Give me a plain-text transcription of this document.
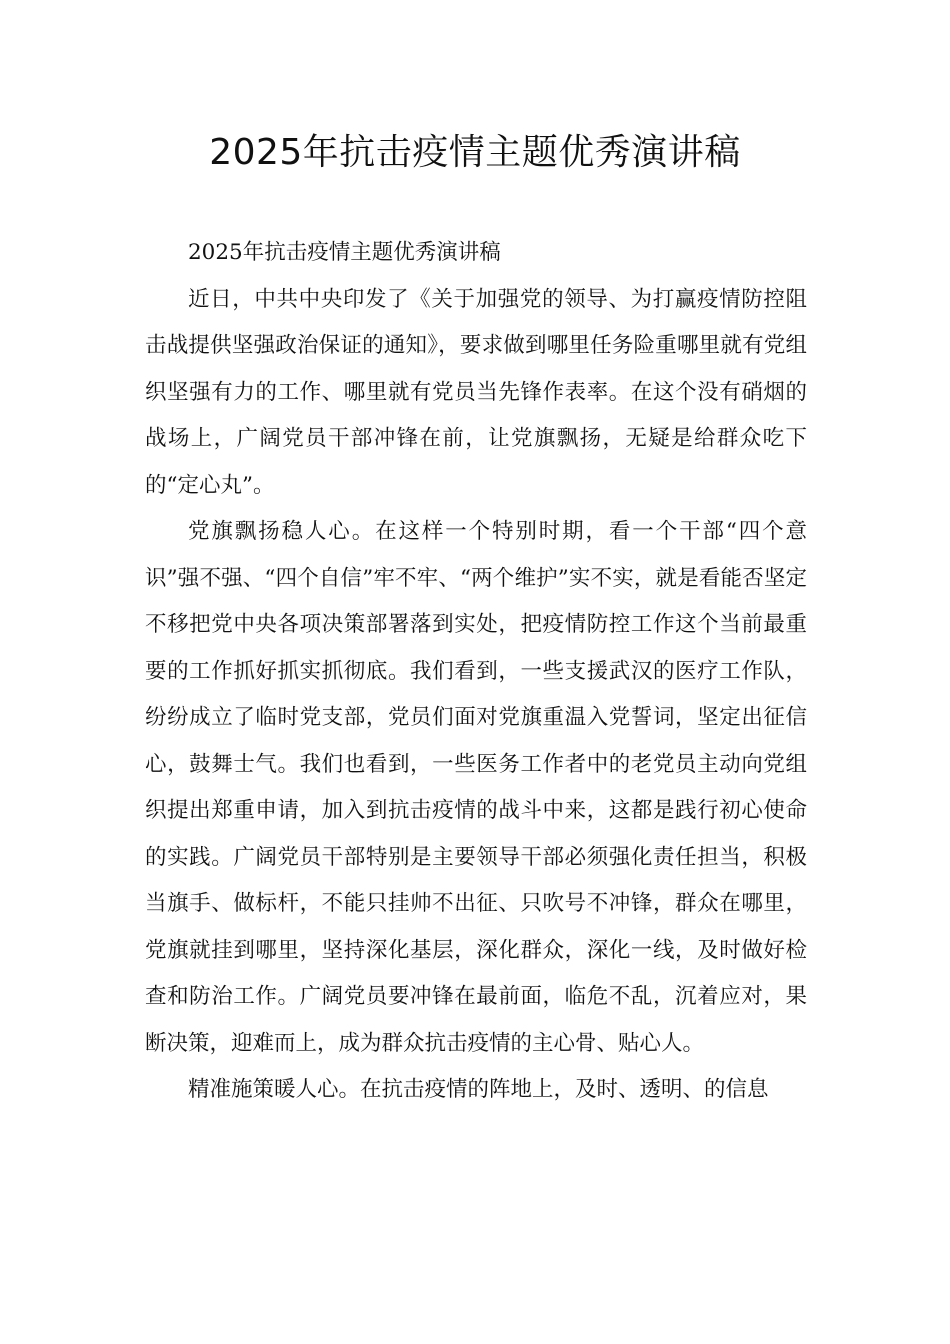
2025年抗击疫情主题优秀演讲稿

2025年抗击疫情主题优秀演讲稿

近日，中共中央印发了《关于加强党的领导、为打赢疫情防控阻击战提供坚强政治保证的通知》，要求做到哪里任务险重哪里就有党组织坚强有力的工作、哪里就有党员当先锋作表率。在这个没有硝烟的战场上，广阔党员干部冲锋在前，让党旗飘扬，无疑是给群众吃下的“定心丸”。

党旗飘扬稳人心。在这样一个特别时期，看一个干部“四个意识”强不强、“四个自信”牢不牢、“两个维护”实不实，就是看能否坚定不移把党中央各项决策部署落到实处，把疫情防控工作这个当前最重要的工作抓好抓实抓彻底。我们看到，一些支援武汉的医疗工作队，纷纷成立了临时党支部，党员们面对党旗重温入党誓词，坚定出征信心，鼓舞士气。我们也看到，一些医务工作者中的老党员主动向党组织提出郑重申请，加入到抗击疫情的战斗中来，这都是践行初心使命的实践。广阔党员干部特别是主要领导干部必须强化责任担当，积极当旗手、做标杆，不能只挂帅不出征、只吹号不冲锋，群众在哪里，党旗就挂到哪里，坚持深化基层，深化群众，深化一线，及时做好检查和防治工作。广阔党员要冲锋在最前面，临危不乱，沉着应对，果断决策，迎难而上，成为群众抗击疫情的主心骨、贴心人。

精准施策暖人心。在抗击疫情的阵地上，及时、透明、的信息
